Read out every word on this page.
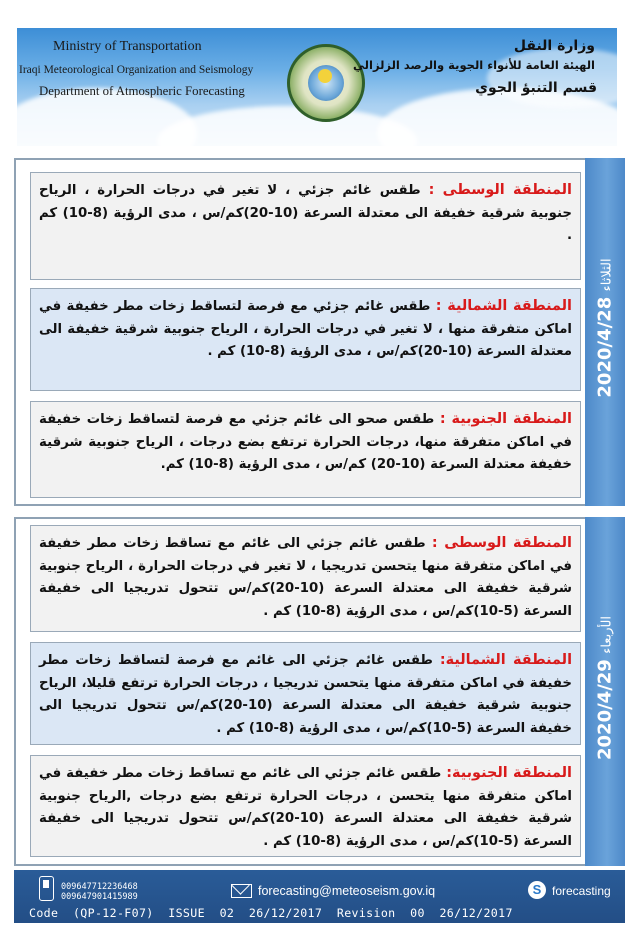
Ministry of Transportation
Iraqi Meteorological Organization and Seismology
Department of Atmospheric Forecasting
وزارة النقل
الهيئة العامة للأنواء الجوية والرصد الزلزالي
قسم التنبؤ الجوي
المنطقة الوسطى : طقس غائم جزئي ، لا تغير في درجات الحرارة ، الرياح جنوبية شرقية خفيفة الى معتدلة السرعة (10-20)كم/س ، مدى الرؤية (8-10) كم .
المنطقة الشمالية : طقس غائم جزئي مع فرصة لتساقط زخات مطر خفيفة في اماكن متفرقة منها ، لا تغير في درجات الحرارة ، الرياح جنوبية شرقية خفيفة الى معتدلة السرعة (10-20)كم/س ، مدى الرؤية (8-10) كم .
المنطقة الجنوبية : طقس صحو الى غائم جزئي مع فرصة لتساقط زخات خفيفة في اماكن متفرقة منها، درجات الحرارة ترتفع بضع درجات ، الرياح جنوبية شرقية خفيفة معتدلة السرعة (10-20) كم/س ، مدى الرؤية (8-10) كم.
2020/4/28 الثلاثاء
المنطقة الوسطى : طقس غائم جزئي الى غائم مع تساقط زخات مطر خفيفة في اماكن متفرقة منها يتحسن تدريجيا ، لا تغير في درجات الحرارة ، الرياح جنوبية شرقية خفيفة الى معتدلة السرعة (10-20)كم/س تتحول تدريجيا الى خفيفة السرعة (5-10)كم/س ، مدى الرؤية (8-10) كم .
المنطقة الشمالية: طقس غائم جزئي الى غائم مع فرصة لتساقط زخات مطر خفيفة في اماكن متفرقة منها يتحسن تدريجيا ، درجات الحرارة ترتفع قليلا، الرياح جنوبية شرقية خفيفة الى معتدلة السرعة (10-20)كم/س تتحول تدريجيا الى خفيفة السرعة (5-10)كم/س ، مدى الرؤية (8-10) كم .
المنطقة الجنوبية: طقس غائم جزئي الى غائم مع تساقط زخات مطر خفيفة في اماكن متفرقة منها يتحسن ، درجات الحرارة ترتفع بضع درجات ,الرياح جنوبية شرقية خفيفة الى معتدلة السرعة (10-20)كم/س تتحول تدريجيا الى خفيفة السرعة (5-10)كم/س ، مدى الرؤية (8-10) كم .
2020/4/29 الأربعاء
009647712236468
009647901415989	forecasting@meteoseism.gov.iq	S forecasting
Code  (QP-12-F07)  ISSUE  02  26/12/2017  Revision  00  26/12/2017
